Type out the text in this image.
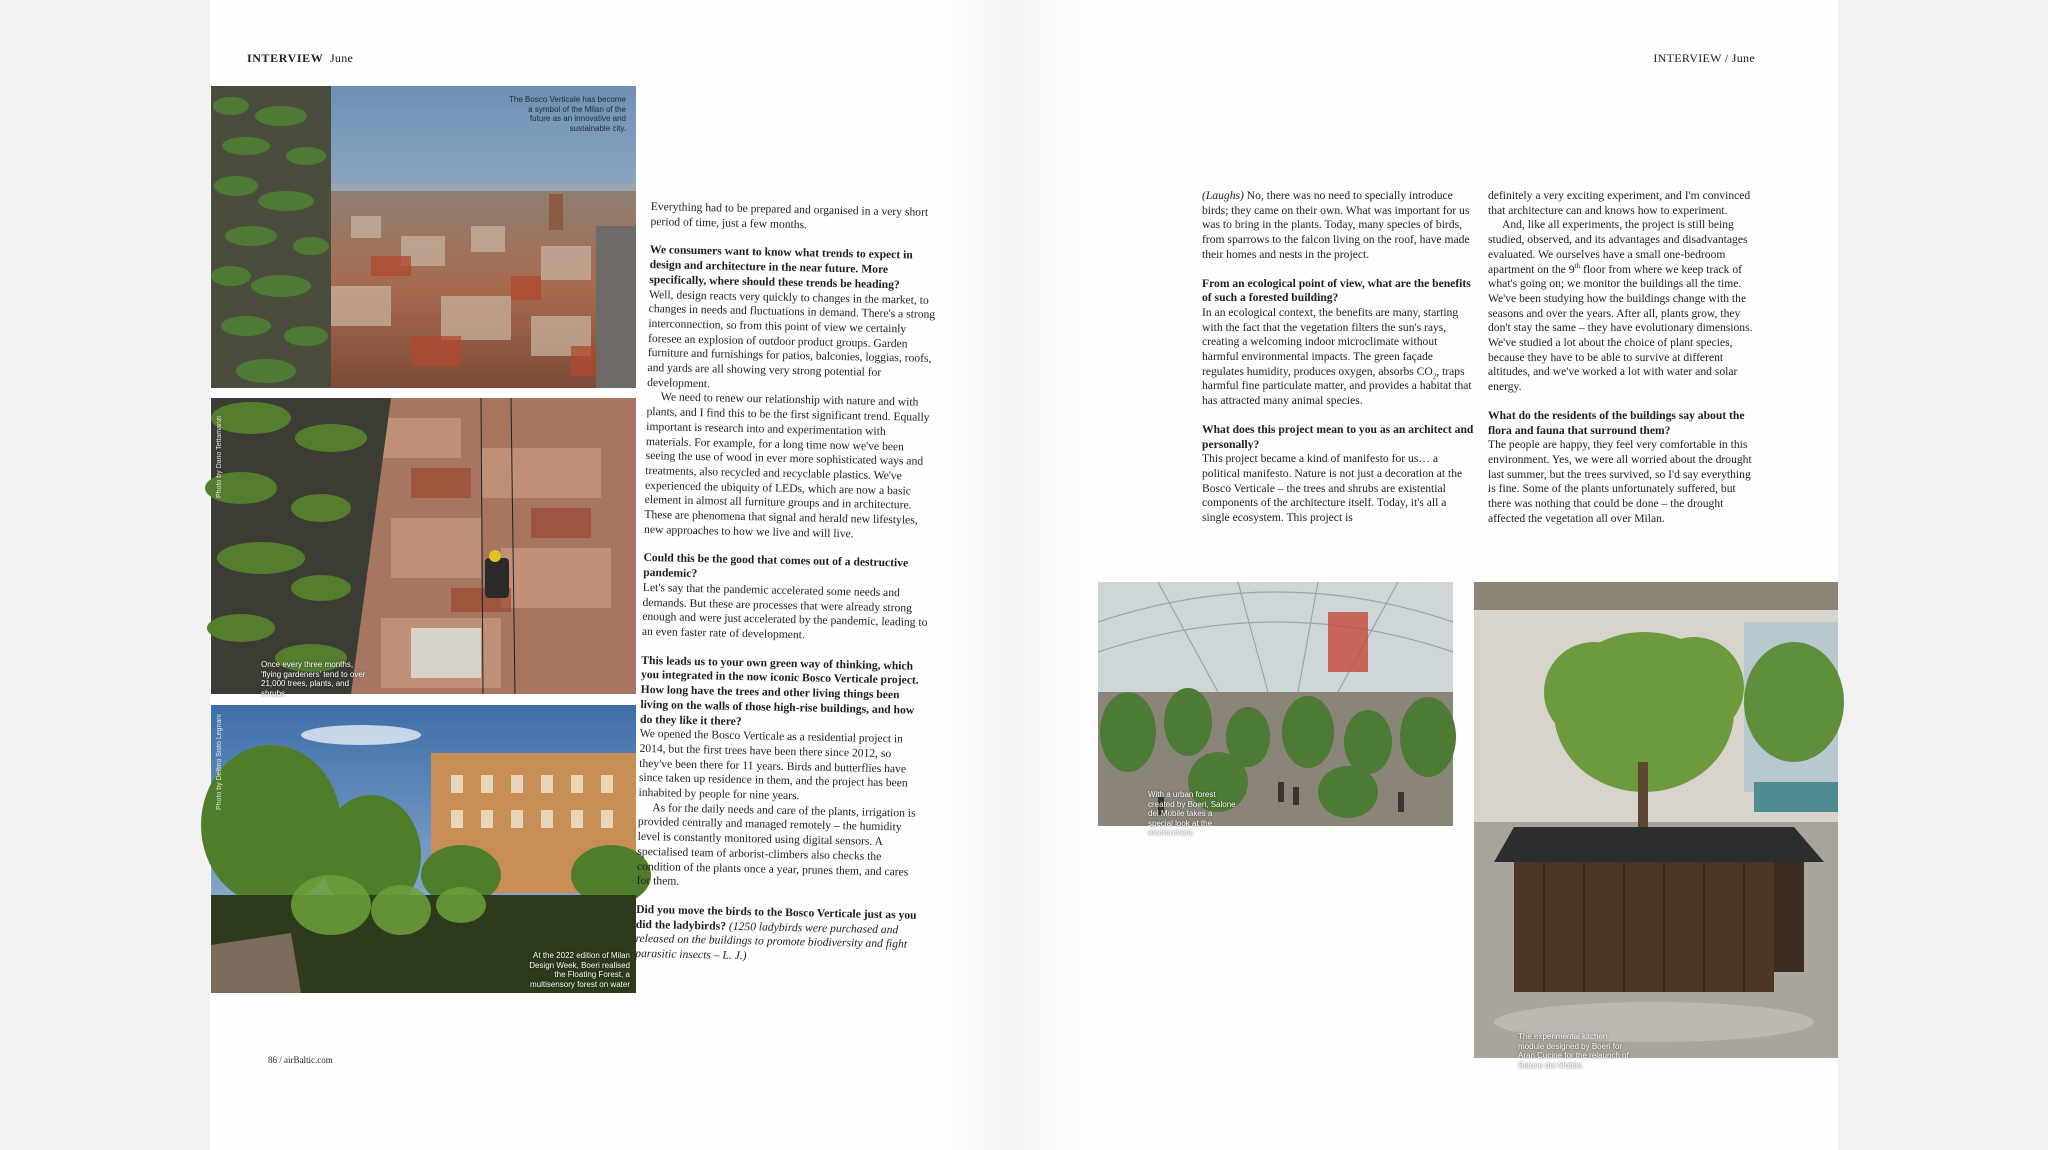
INTERVIEW June	INTERVIEW / June
The Bosco Verticale has become a symbol of the Milan of the future as an innovative and sustainable city.
Photo by Dario Tettamanzi
Once every three months, 'flying gardeners' tend to over 21,000 trees, plants, and shrubs
Photo by Delfino Sisto Legnani
At the 2022 edition of Milan Design Week, Boeri realised the Floating Forest, a multisensory forest on water

Everything had to be prepared and organised in a very short period of time, just a few months.

We consumers want to know what trends to expect in design and architecture in the near future. More specifically, where should these trends be heading?

Well, design reacts very quickly to changes in the market, to changes in needs and fluctuations in demand. There's a strong interconnection, so from this point of view we certainly foresee an explosion of outdoor product groups. Garden furniture and furnishings for patios, balconies, loggias, roofs, and yards are all showing very strong potential for development.

We need to renew our relationship with nature and with plants, and I find this to be the first significant trend. Equally important is research into and experimentation with materials. For example, for a long time now we've been seeing the use of wood in ever more sophisticated ways and treatments, also recycled and recyclable plastics. We've experienced the ubiquity of LEDs, which are now a basic element in almost all furniture groups and in architecture. These are phenomena that signal and herald new lifestyles, new approaches to how we live and will live.

Could this be the good that comes out of a destructive pandemic?

Let's say that the pandemic accelerated some needs and demands. But these are processes that were already strong enough and were just accelerated by the pandemic, leading to an even faster rate of development.

This leads us to your own green way of thinking, which you integrated in the now iconic Bosco Verticale project. How long have the trees and other living things been living on the walls of those high-rise buildings, and how do they like it there?

We opened the Bosco Verticale as a residential project in 2014, but the first trees have been there since 2012, so they've been there for 11 years. Birds and butterflies have since taken up residence in them, and the project has been inhabited by people for nine years.

As for the daily needs and care of the plants, irrigation is provided centrally and managed remotely – the humidity level is constantly monitored using digital sensors. A specialised team of arborist-climbers also checks the condition of the plants once a year, prunes them, and cares for them.

Did you move the birds to the Bosco Verticale just as you did the ladybirds? (1250 ladybirds were purchased and released on the buildings to promote biodiversity and fight parasitic insects – L. J.)

86 / airBaltic.com

(Laughs) No, there was no need to specially introduce birds; they came on their own. What was important for us was to bring in the plants. Today, many species of birds, from sparrows to the falcon living on the roof, have made their homes and nests in the project.

From an ecological point of view, what are the benefits of such a forested building?

In an ecological context, the benefits are many, starting with the fact that the vegetation filters the sun's rays, creating a welcoming indoor microclimate without harmful environmental impacts. The green façade regulates humidity, produces oxygen, absorbs $CO_2$, traps harmful fine particulate matter, and provides a habitat that has attracted many animal species.

What does this project mean to you as an architect and personally?

This project became a kind of manifesto for us… a political manifesto. Nature is not just a decoration at the Bosco Verticale – the trees and shrubs are existential components of the architecture itself. Today, it's all a single ecosystem. This project is

definitely a very exciting experiment, and I'm convinced that architecture can and knows how to experiment.

And, like all experiments, the project is still being studied, observed, and its advantages and disadvantages evaluated. We ourselves have a small one-bedroom apartment on the 9th floor from where we keep track of what's going on; we monitor the buildings all the time. We've been studying how the buildings change with the seasons and over the years. After all, plants grow, they don't stay the same – they have evolutionary dimensions. We've studied a lot about the choice of plant species, because they have to be able to survive at different altitudes, and we've worked a lot with water and solar energy.

What do the residents of the buildings say about the flora and fauna that surround them?

The people are happy, they feel very comfortable in this environment. Yes, we were all worried about the drought last summer, but the trees survived, so I'd say everything is fine. Some of the plants unfortunately suffered, but there was nothing that could be done – the drought affected the vegetation all over Milan.

With a urban forest created by Boeri, Salone del Mobile takes a special look at the environment.
The experimental kitchen module designed by Boeri for Aran Cucine for the relaunch of Salone del Mobile.
